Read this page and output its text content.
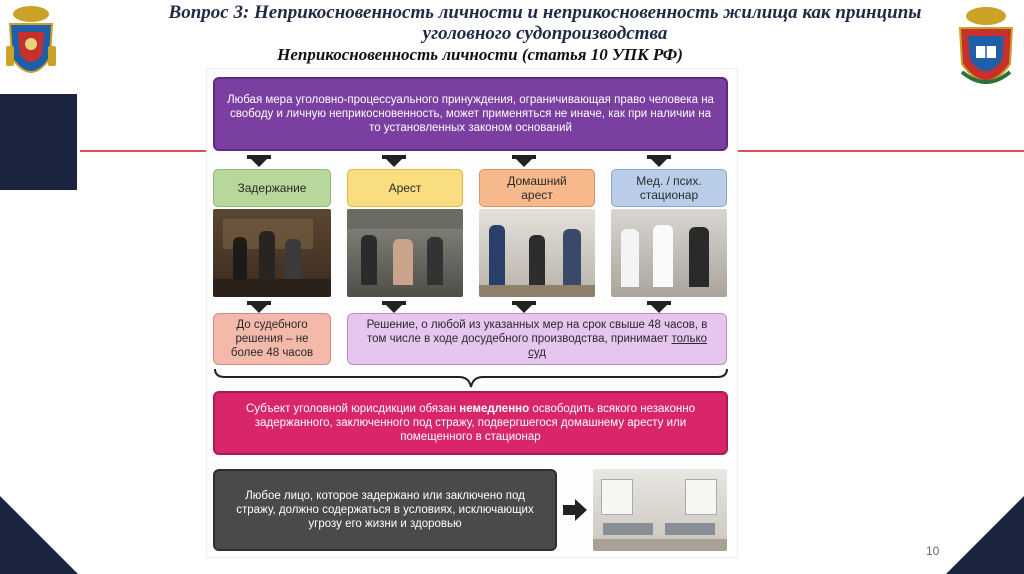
Вопрос 3: Неприкосновенность личности и неприкосновенность жилища как принципы уголовного судопроизводства
Неприкосновенность личности (статья 10 УПК РФ)
Любая мера уголовно-процессуального принуждения, ограничивающая право человека на свободу и личную неприкосновенность, может применяться не иначе, как при наличии на то установленных законом оснований
Задержание	Арест	Домашний арест
Мед. / псих. стационар
До судебного решения – не более 48 часов
Решение, о любой из указанных мер на срок свыше 48 часов, в том числе в ходе досудебного производства, принимает только суд
Субъект уголовной юрисдикции обязан немедленно освободить всякого незаконно задержанного, заключенного под стражу, подвергшегося домашнему аресту или помещенного в стационар
Любое лицо, которое задержано или заключено под стражу, должно содержаться в условиях, исключающих угрозу его жизни и здоровью
10
